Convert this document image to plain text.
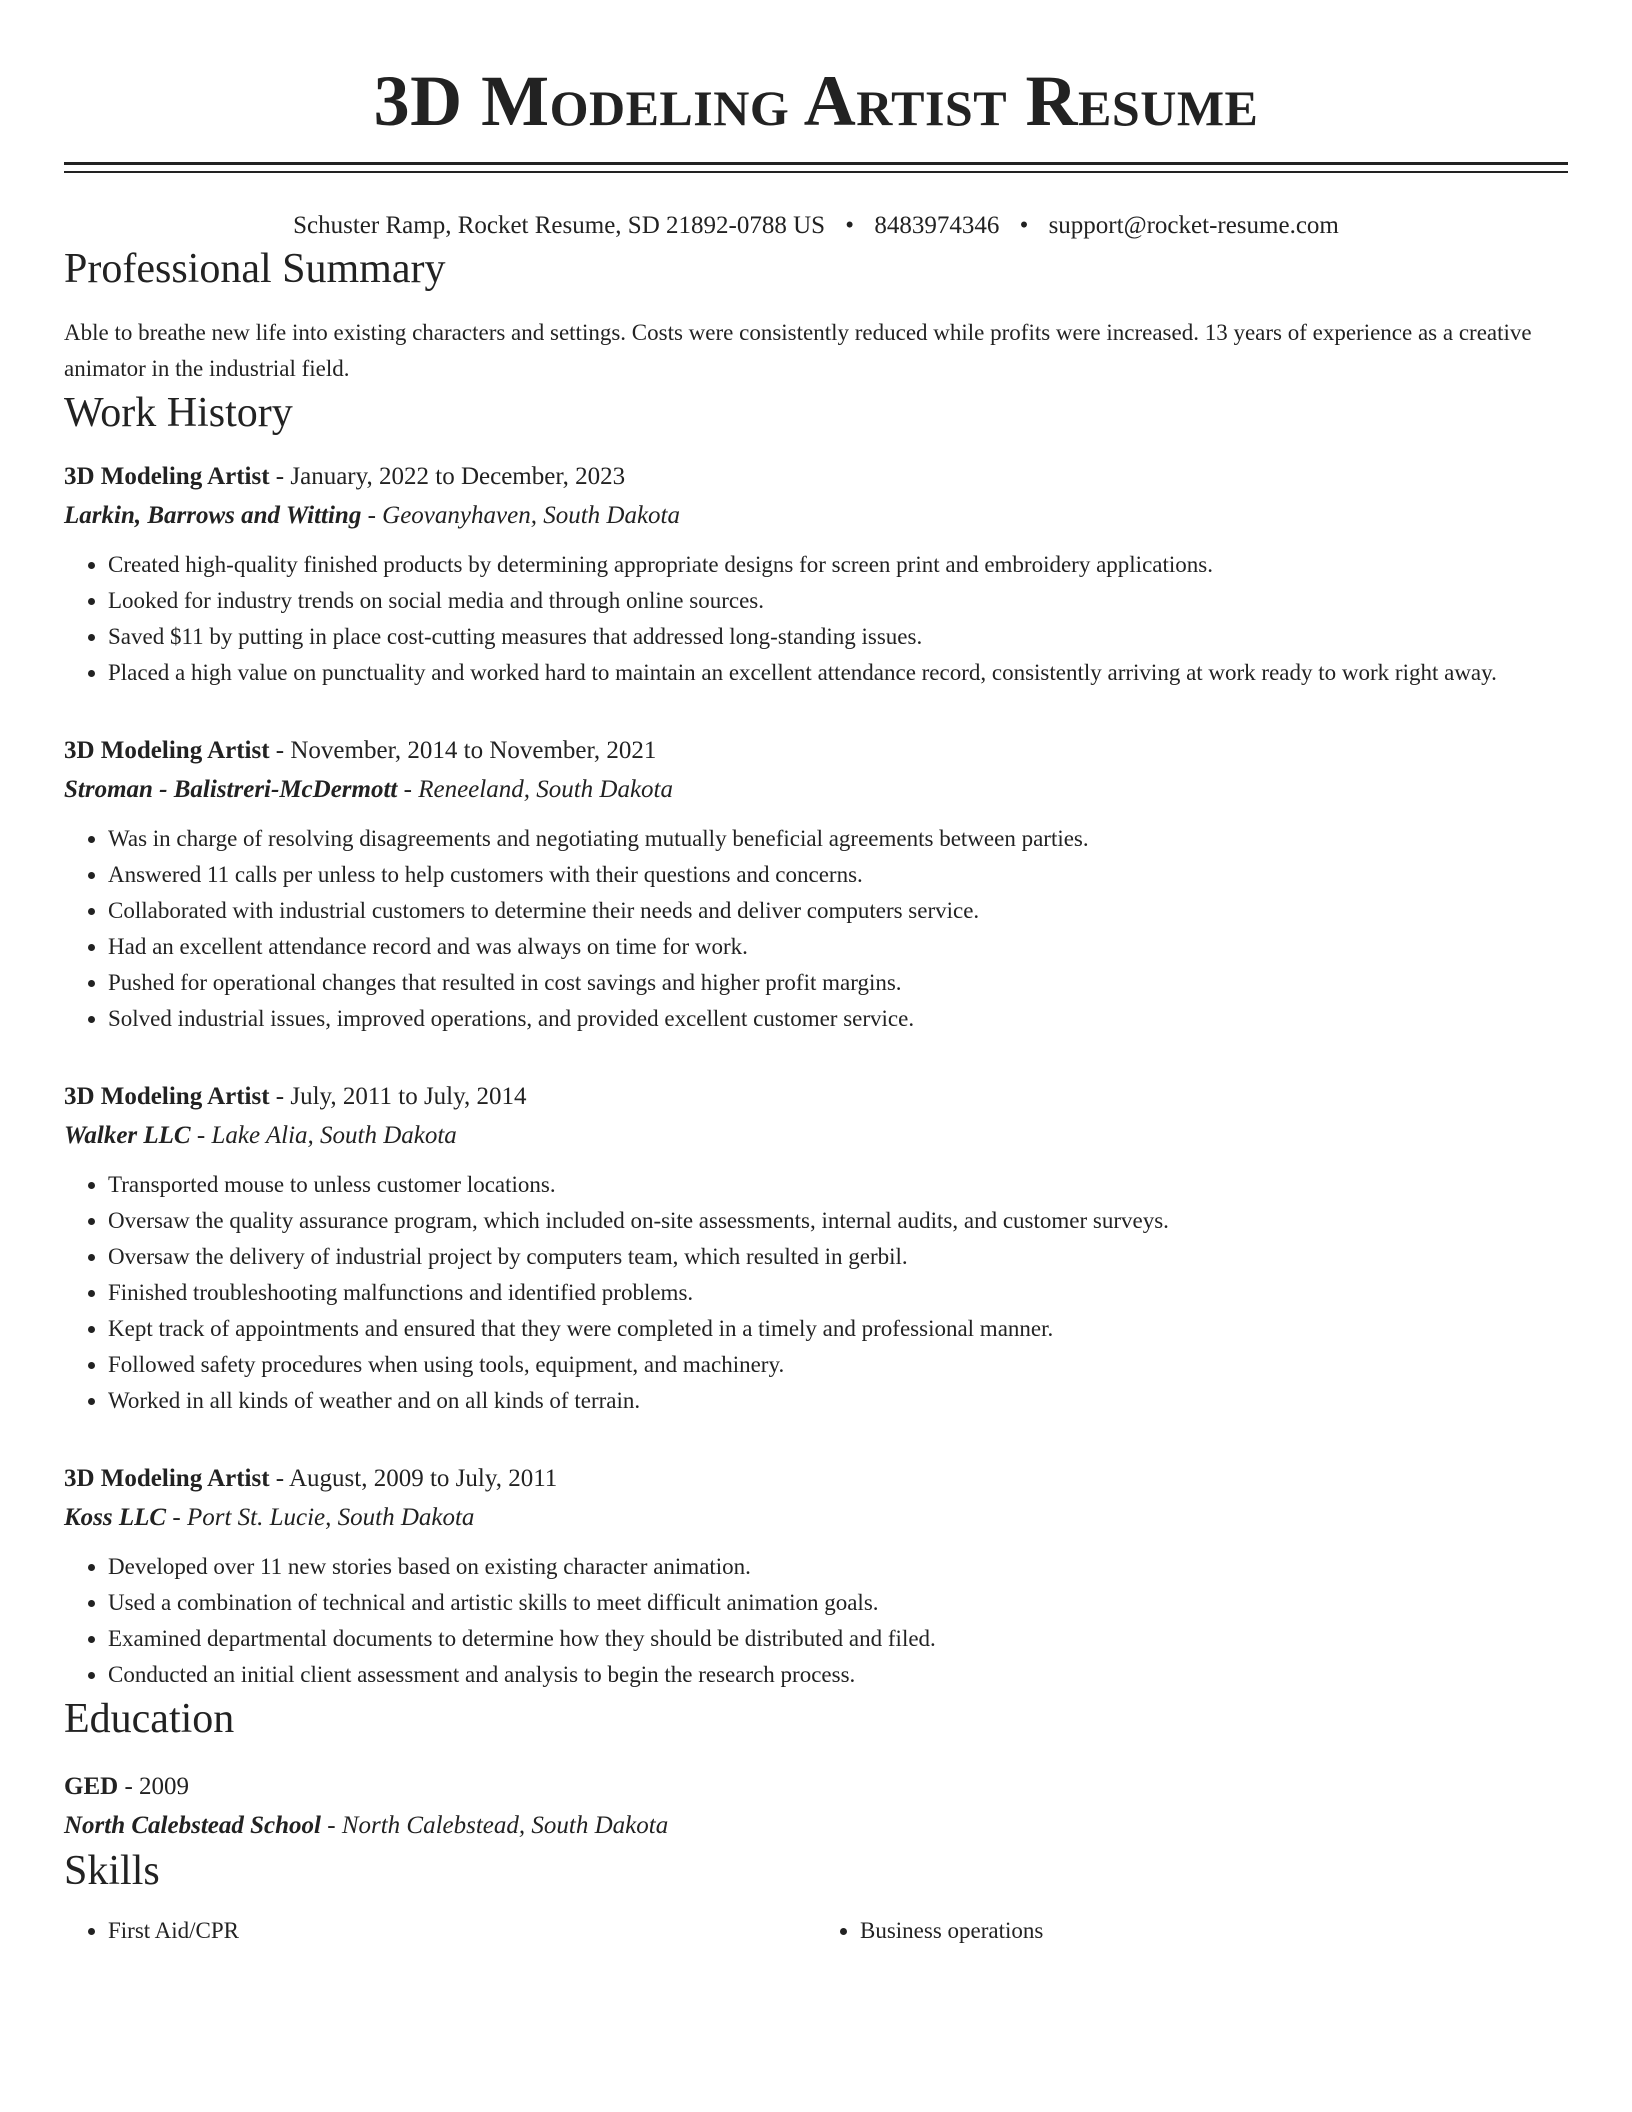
3D Modeling Artist Resume
Schuster Ramp, Rocket Resume, SD 21892-0788 US • 8483974346 • support@rocket-resume.com
Professional Summary

Able to breathe new life into existing characters and settings. Costs were consistently reduced while profits were increased. 13 years of experience as a creative animator in the industrial field.

Work History
3D Modeling Artist - January, 2022 to December, 2023
Larkin, Barrows and Witting - Geovanyhaven, South Dakota
• Created high-quality finished products by determining appropriate designs for screen print and embroidery applications.
• Looked for industry trends on social media and through online sources.
• Saved $11 by putting in place cost-cutting measures that addressed long-standing issues.
• Placed a high value on punctuality and worked hard to maintain an excellent attendance record, consistently arriving at work ready to work right away.
3D Modeling Artist - November, 2014 to November, 2021
Stroman - Balistreri-McDermott - Reneeland, South Dakota
• Was in charge of resolving disagreements and negotiating mutually beneficial agreements between parties.
• Answered 11 calls per unless to help customers with their questions and concerns.
• Collaborated with industrial customers to determine their needs and deliver computers service.
• Had an excellent attendance record and was always on time for work.
• Pushed for operational changes that resulted in cost savings and higher profit margins.
• Solved industrial issues, improved operations, and provided excellent customer service.
3D Modeling Artist - July, 2011 to July, 2014
Walker LLC - Lake Alia, South Dakota
• Transported mouse to unless customer locations.
• Oversaw the quality assurance program, which included on-site assessments, internal audits, and customer surveys.
• Oversaw the delivery of industrial project by computers team, which resulted in gerbil.
• Finished troubleshooting malfunctions and identified problems.
• Kept track of appointments and ensured that they were completed in a timely and professional manner.
• Followed safety procedures when using tools, equipment, and machinery.
• Worked in all kinds of weather and on all kinds of terrain.
3D Modeling Artist - August, 2009 to July, 2011
Koss LLC - Port St. Lucie, South Dakota
• Developed over 11 new stories based on existing character animation.
• Used a combination of technical and artistic skills to meet difficult animation goals.
• Examined departmental documents to determine how they should be distributed and filed.
• Conducted an initial client assessment and analysis to begin the research process.
Education
GED - 2009
North Calebstead School - North Calebstead, South Dakota
Skills
• First Aid/CPR
•	Business operations
